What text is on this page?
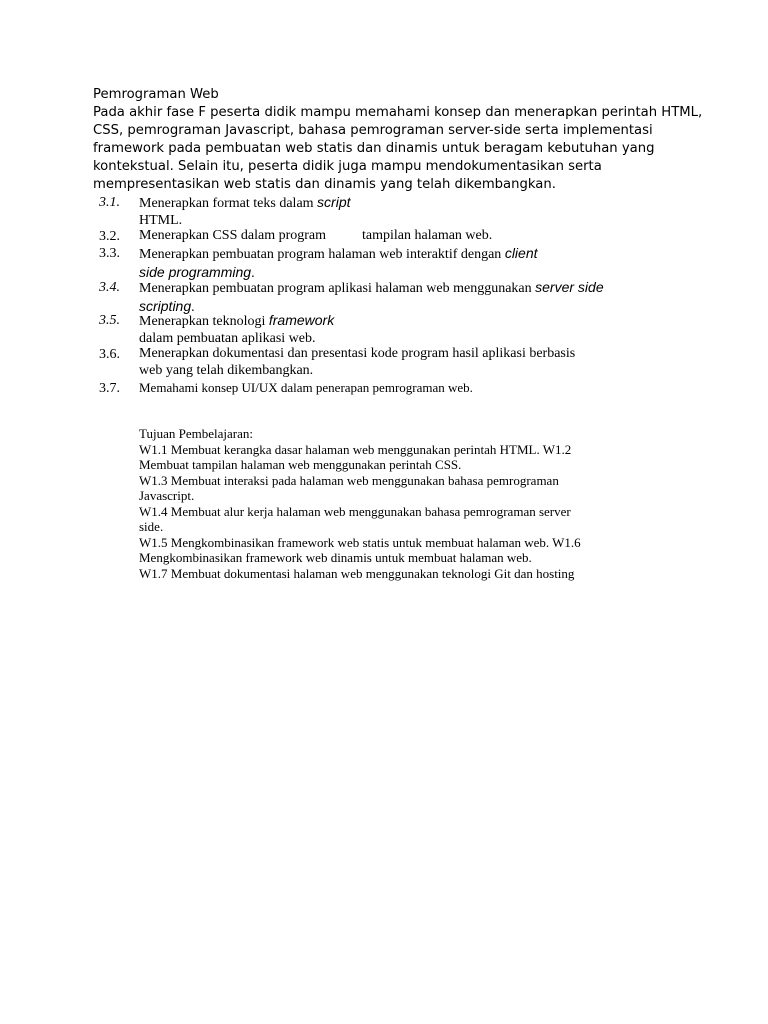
Pemrograman Web
Pada akhir fase F peserta didik mampu memahami konsep dan menerapkan perintah HTML,
CSS, pemrograman Javascript, bahasa pemrograman server-side serta implementasi
framework pada pembuatan web statis dan dinamis untuk beragam kebutuhan yang
kontekstual. Selain itu, peserta didik juga mampu mendokumentasikan serta
mempresentasikan web statis dan dinamis yang telah dikembangkan.
3.1. Menerapkan format teks dalam script
HTML.
3.2. Menerapkan CSS dalam program	tampilan halaman web.
3.3. Menerapkan pembuatan program halaman web interaktif dengan client
side programming.
3.4. Menerapkan pembuatan program aplikasi halaman web menggunakan server side
scripting.
3.5. Menerapkan teknologi framework
dalam pembuatan aplikasi web.
3.6. Menerapkan dokumentasi dan presentasi kode program hasil aplikasi berbasis
web yang telah dikembangkan.
3.7. Memahami konsep UI/UX dalam penerapan pemrograman web.
Tujuan Pembelajaran:
W1.1 Membuat kerangka dasar halaman web menggunakan perintah HTML. W1.2
Membuat tampilan halaman web menggunakan perintah CSS.
W1.3 Membuat interaksi pada halaman web menggunakan bahasa pemrograman
Javascript.
W1.4 Membuat alur kerja halaman web menggunakan bahasa pemrograman server
side.
W1.5 Mengkombinasikan framework web statis untuk membuat halaman web. W1.6
Mengkombinasikan framework web dinamis untuk membuat halaman web.
W1.7 Membuat dokumentasi halaman web menggunakan teknologi Git dan hosting
